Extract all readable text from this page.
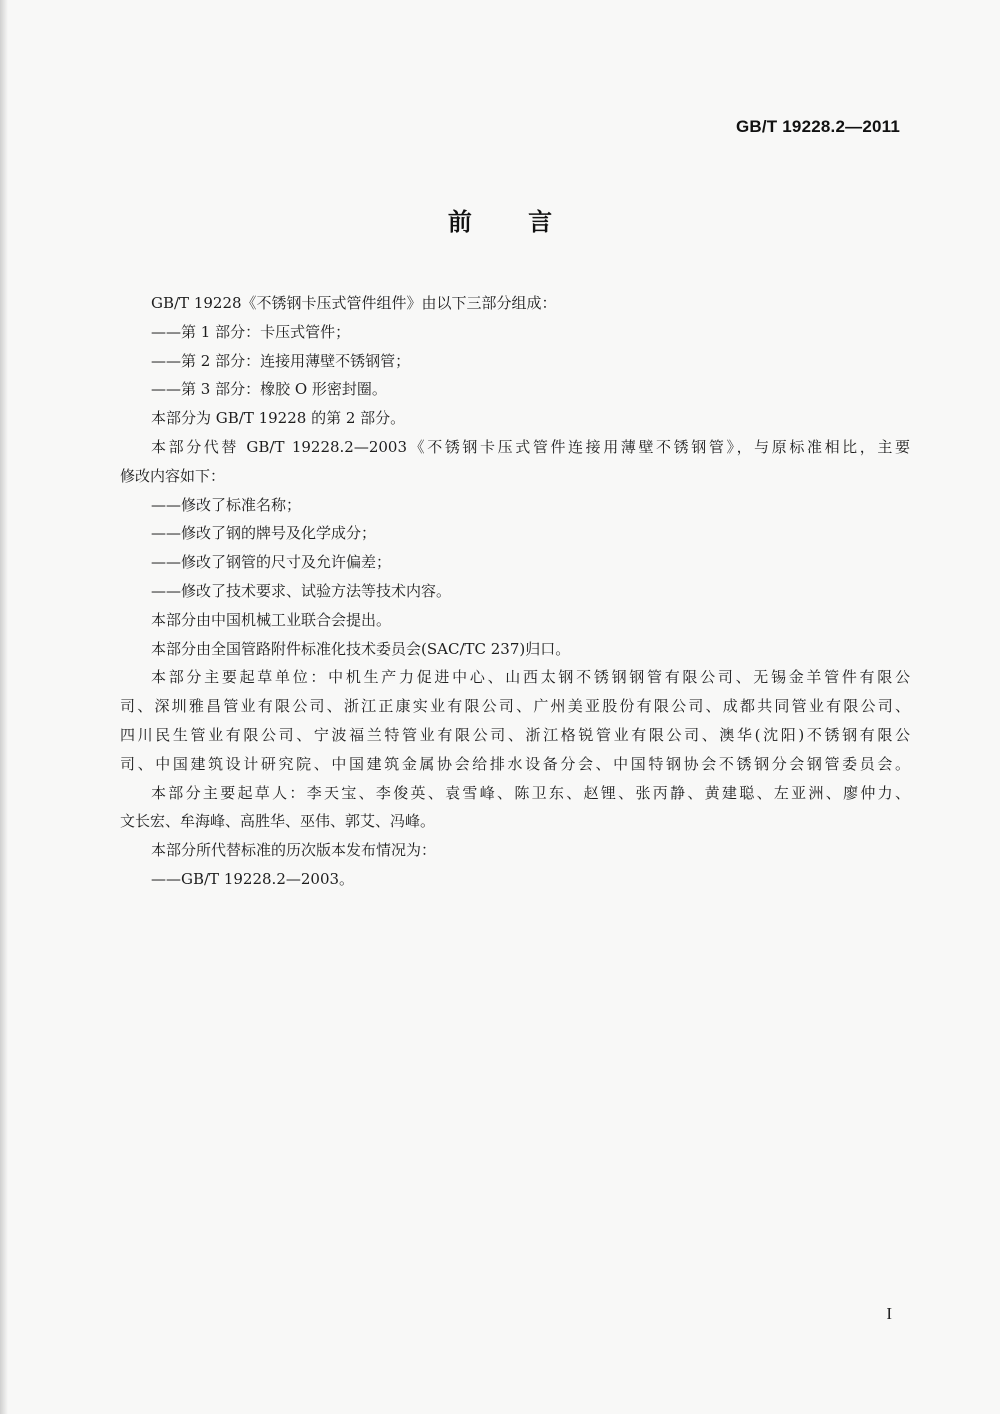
GB/T 19228.2—2011
前 言

GB/T 19228《不锈钢卡压式管件组件》由以下三部分组成：

——第 1 部分：卡压式管件；

——第 2 部分：连接用薄壁不锈钢管；

——第 3 部分：橡胶 O 形密封圈。

本部分为 GB/T 19228 的第 2 部分。

本部分代替 GB/T 19228.2—2003《不锈钢卡压式管件连接用薄壁不锈钢管》，与原标准相比，主要

修改内容如下：

——修改了标准名称；

——修改了钢的牌号及化学成分；

——修改了钢管的尺寸及允许偏差；

——修改了技术要求、试验方法等技术内容。

本部分由中国机械工业联合会提出。

本部分由全国管路附件标准化技术委员会(SAC/TC 237)归口。

本部分主要起草单位：中机生产力促进中心、山西太钢不锈钢钢管有限公司、无锡金羊管件有限公

司、深圳雅昌管业有限公司、浙江正康实业有限公司、广州美亚股份有限公司、成都共同管业有限公司、

四川民生管业有限公司、宁波福兰特管业有限公司、浙江格锐管业有限公司、澳华(沈阳)不锈钢有限公

司、中国建筑设计研究院、中国建筑金属协会给排水设备分会、中国特钢协会不锈钢分会钢管委员会。

本部分主要起草人：李天宝、李俊英、袁雪峰、陈卫东、赵锂、张丙静、黄建聪、左亚洲、廖仲力、

文长宏、牟海峰、高胜华、巫伟、郭艾、冯峰。

本部分所代替标准的历次版本发布情况为：

——GB/T 19228.2—2003。

I
